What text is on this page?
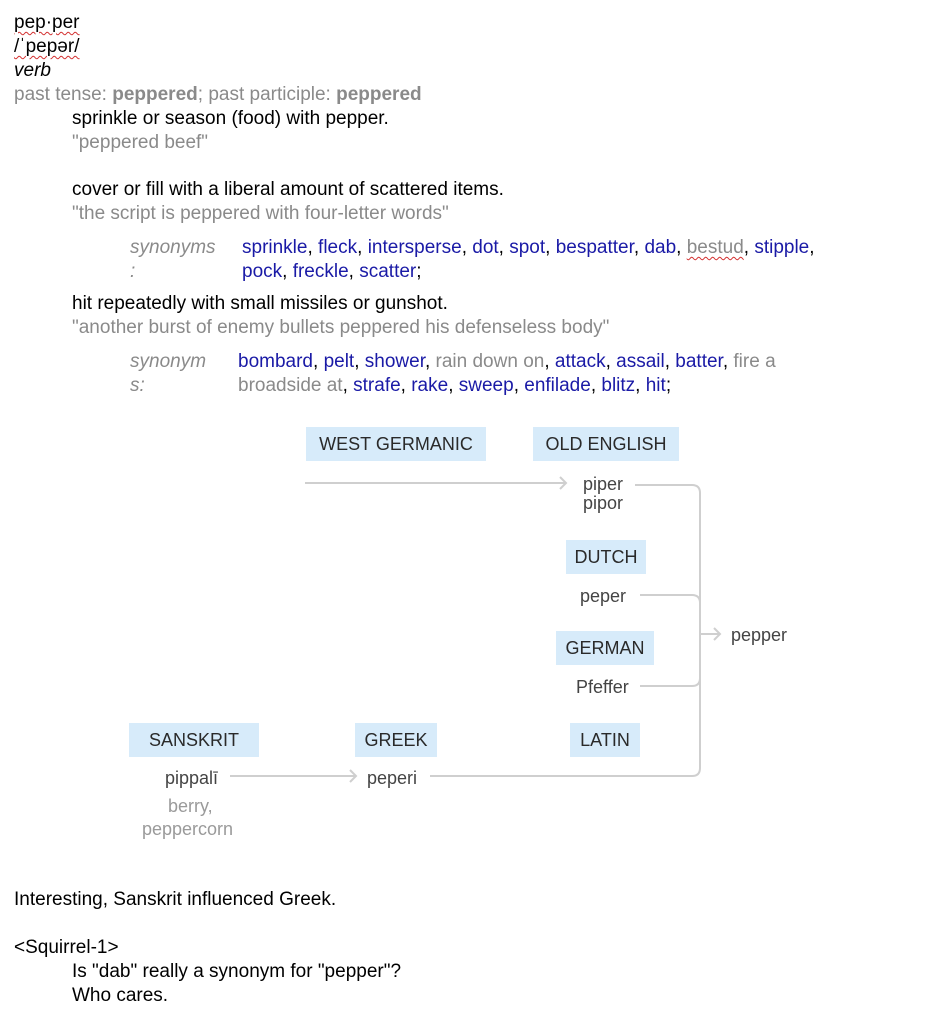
pep·per
/ˈpepər/
verb
past tense: peppered; past participle: peppered
sprinkle or season (food) with pepper.
"peppered beef"
cover or fill with a liberal amount of scattered items.
"the script is peppered with four-letter words"
synonyms
:
sprinkle, fleck, intersperse, dot, spot, bespatter, dab, bestud, stipple,
pock, freckle, scatter;
hit repeatedly with small missiles or gunshot.
"another burst of enemy bullets peppered his defenseless body"
synonym
s:
bombard, pelt, shower, rain down on, attack, assail, batter, fire a
broadside at, strafe, rake, sweep, enfilade, blitz, hit;
WEST GERMANIC	OLD ENGLISH
DUTCH
GERMAN
SANSKRIT	GREEK	LATIN
piper
pipor
peper
Pfeffer
pepper
pippalī
berry,
peppercorn
peperi
Interesting, Sanskrit influenced Greek.
<Squirrel-1>
Is "dab" really a synonym for "pepper"?
Who cares.
